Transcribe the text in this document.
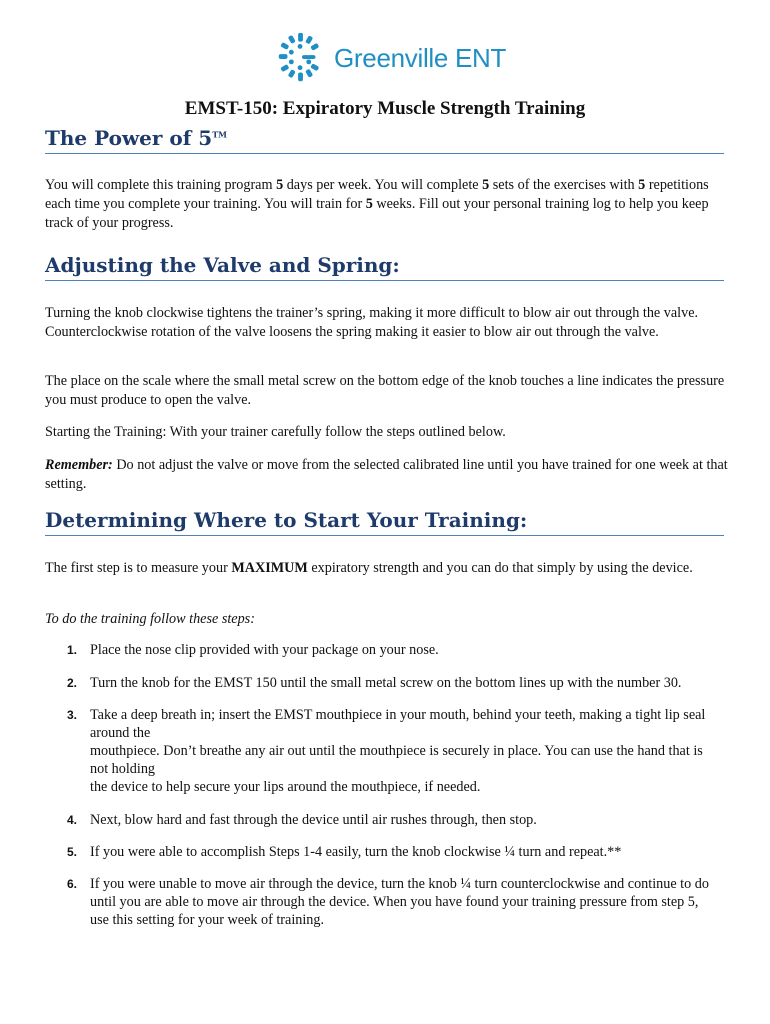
Greenville ENT
EMST-150: Expiratory Muscle Strength Training
The Power of 5™

You will complete this training program 5 days per week. You will complete 5 sets of the exercises with 5 repetitions each time you complete your training. You will train for 5 weeks. Fill out your personal training log to help you keep track of your progress.

Adjusting the Valve and Spring:

Turning the knob clockwise tightens the trainer’s spring, making it more difficult to blow air out through the valve. Counterclockwise rotation of the valve loosens the spring making it easier to blow air out through the valve.

The place on the scale where the small metal screw on the bottom edge of the knob touches a line indicates the pressure you must produce to open the valve.

Starting the Training: With your trainer carefully follow the steps outlined below.

Remember: Do not adjust the valve or move from the selected calibrated line until you have trained for one week at that setting.

Determining Where to Start Your Training:

The first step is to measure your MAXIMUM expiratory strength and you can do that simply by using the device.

To do the training follow these steps:

1. Place the nose clip provided with your package on your nose.
2. Turn the knob for the EMST 150 until the small metal screw on the bottom lines up with the number 30.
3. Take a deep breath in; insert the EMST mouthpiece in your mouth, behind your teeth, making a tight lip seal around the
mouthpiece. Don’t breathe any air out until the mouthpiece is securely in place. You can use the hand that is not holding
the device to help secure your lips around the mouthpiece, if needed.
4. Next, blow hard and fast through the device until air rushes through, then stop.
5. If you were able to accomplish Steps 1-4 easily, turn the knob clockwise ¼ turn and repeat.**
6. If you were unable to move air through the device, turn the knob ¼ turn counterclockwise and continue to do until you are able to move air through the device. When you have found your training pressure from step 5, use this setting for your week of training.
